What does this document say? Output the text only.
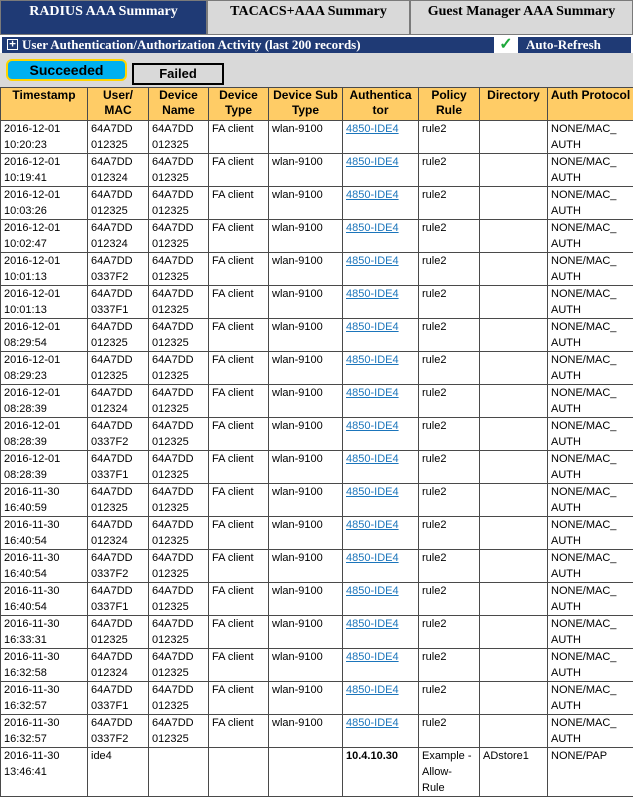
RADIUS AAA Summary	TACACS+AAA Summary	Guest Manager AAA Summary
+ User Authentication/Authorization Activity (last 200 records)	✓	Auto-Refresh
Succeeded	Failed
Timestamp	User/ MAC	Device Name	Device Type	Device Sub Type	Authentica tor	Policy Rule	Directory	Auth Protocol
2016-12-01 10:20:23	64A7DD 012325	64A7DD 012325	FA client	wlan-9100	4850-IDE4	rule2		NONE/MAC_ AUTH
2016-12-01 10:19:41	64A7DD 012324	64A7DD 012325	FA client	wlan-9100	4850-IDE4	rule2		NONE/MAC_ AUTH
2016-12-01 10:03:26	64A7DD 012325	64A7DD 012325	FA client	wlan-9100	4850-IDE4	rule2		NONE/MAC_ AUTH
2016-12-01 10:02:47	64A7DD 012324	64A7DD 012325	FA client	wlan-9100	4850-IDE4	rule2		NONE/MAC_ AUTH
2016-12-01 10:01:13	64A7DD 0337F2	64A7DD 012325	FA client	wlan-9100	4850-IDE4	rule2		NONE/MAC_ AUTH
2016-12-01 10:01:13	64A7DD 0337F1	64A7DD 012325	FA client	wlan-9100	4850-IDE4	rule2		NONE/MAC_ AUTH
2016-12-01 08:29:54	64A7DD 012325	64A7DD 012325	FA client	wlan-9100	4850-IDE4	rule2		NONE/MAC_ AUTH
2016-12-01 08:29:23	64A7DD 012325	64A7DD 012325	FA client	wlan-9100	4850-IDE4	rule2		NONE/MAC_ AUTH
2016-12-01 08:28:39	64A7DD 012324	64A7DD 012325	FA client	wlan-9100	4850-IDE4	rule2		NONE/MAC_ AUTH
2016-12-01 08:28:39	64A7DD 0337F2	64A7DD 012325	FA client	wlan-9100	4850-IDE4	rule2		NONE/MAC_ AUTH
2016-12-01 08:28:39	64A7DD 0337F1	64A7DD 012325	FA client	wlan-9100	4850-IDE4	rule2		NONE/MAC_ AUTH
2016-11-30 16:40:59	64A7DD 012325	64A7DD 012325	FA client	wlan-9100	4850-IDE4	rule2		NONE/MAC_ AUTH
2016-11-30 16:40:54	64A7DD 012324	64A7DD 012325	FA client	wlan-9100	4850-IDE4	rule2		NONE/MAC_ AUTH
2016-11-30 16:40:54	64A7DD 0337F2	64A7DD 012325	FA client	wlan-9100	4850-IDE4	rule2		NONE/MAC_ AUTH
2016-11-30 16:40:54	64A7DD 0337F1	64A7DD 012325	FA client	wlan-9100	4850-IDE4	rule2		NONE/MAC_ AUTH
2016-11-30 16:33:31	64A7DD 012325	64A7DD 012325	FA client	wlan-9100	4850-IDE4	rule2		NONE/MAC_ AUTH
2016-11-30 16:32:58	64A7DD 012324	64A7DD 012325	FA client	wlan-9100	4850-IDE4	rule2		NONE/MAC_ AUTH
2016-11-30 16:32:57	64A7DD 0337F1	64A7DD 012325	FA client	wlan-9100	4850-IDE4	rule2		NONE/MAC_ AUTH
2016-11-30 16:32:57	64A7DD 0337F2	64A7DD 012325	FA client	wlan-9100	4850-IDE4	rule2		NONE/MAC_ AUTH
2016-11-30 13:46:41	ide4				10.4.10.30	Example -Allow- Rule	ADstore1	NONE/PAP
